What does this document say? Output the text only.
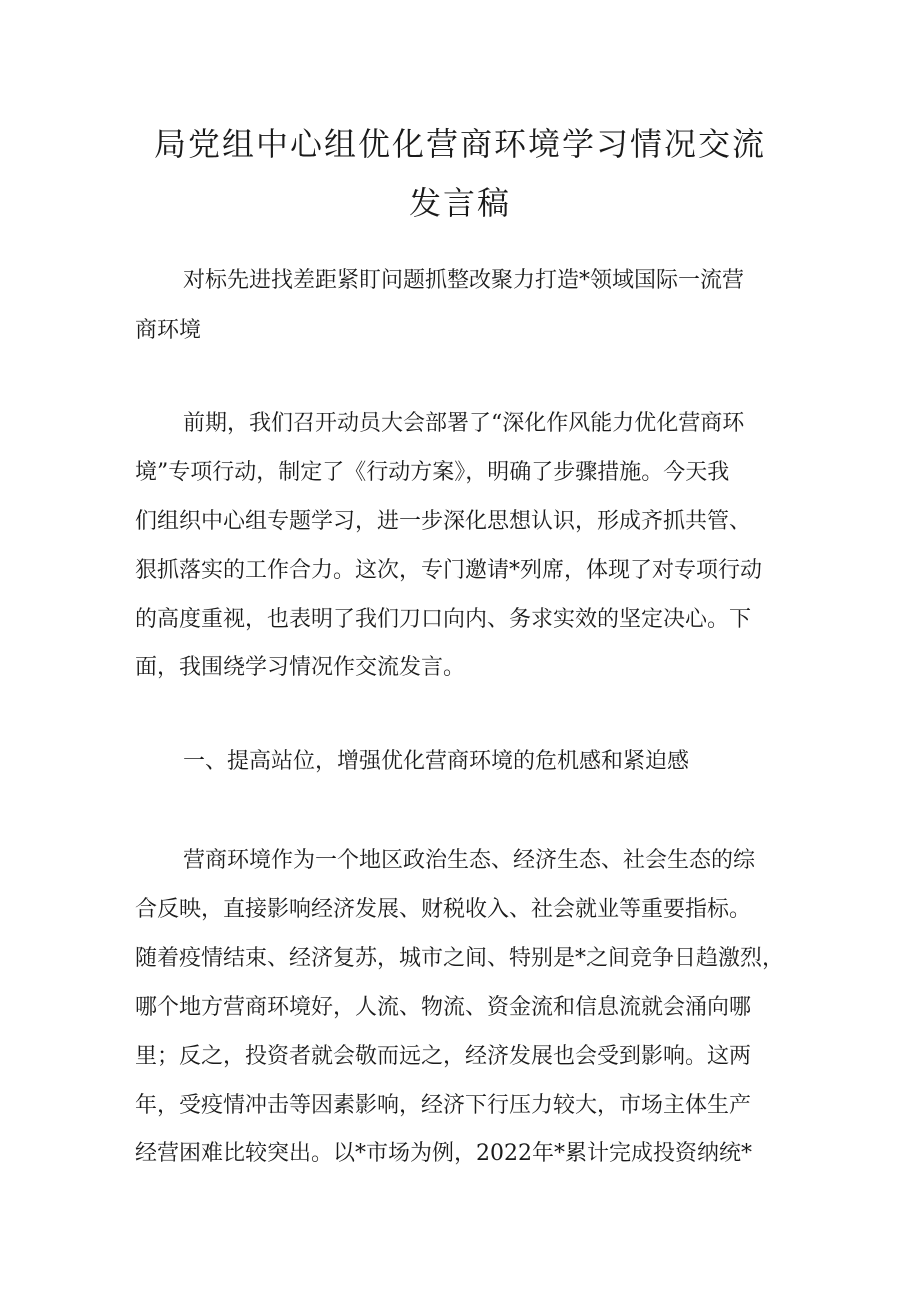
局党组中心组优化营商环境学习情况交流
发言稿
对标先进找差距紧盯问题抓整改聚力打造*领域国际一流营
商环境
前期，我们召开动员大会部署了“深化作风能力优化营商环
境”专项行动，制定了《行动方案》，明确了步骤措施。今天我
们组织中心组专题学习，进一步深化思想认识，形成齐抓共管、
狠抓落实的工作合力。这次，专门邀请*列席，体现了对专项行动
的高度重视，也表明了我们刀口向内、务求实效的坚定决心。下
面，我围绕学习情况作交流发言。
一、提高站位，增强优化营商环境的危机感和紧迫感
营商环境作为一个地区政治生态、经济生态、社会生态的综
合反映，直接影响经济发展、财税收入、社会就业等重要指标。
随着疫情结束、经济复苏，城市之间、特别是*之间竞争日趋激烈，
哪个地方营商环境好，人流、物流、资金流和信息流就会涌向哪
里；反之，投资者就会敬而远之，经济发展也会受到影响。这两
年，受疫情冲击等因素影响，经济下行压力较大，市场主体生产
经营困难比较突出。以*市场为例，2022年*累计完成投资纳统*
